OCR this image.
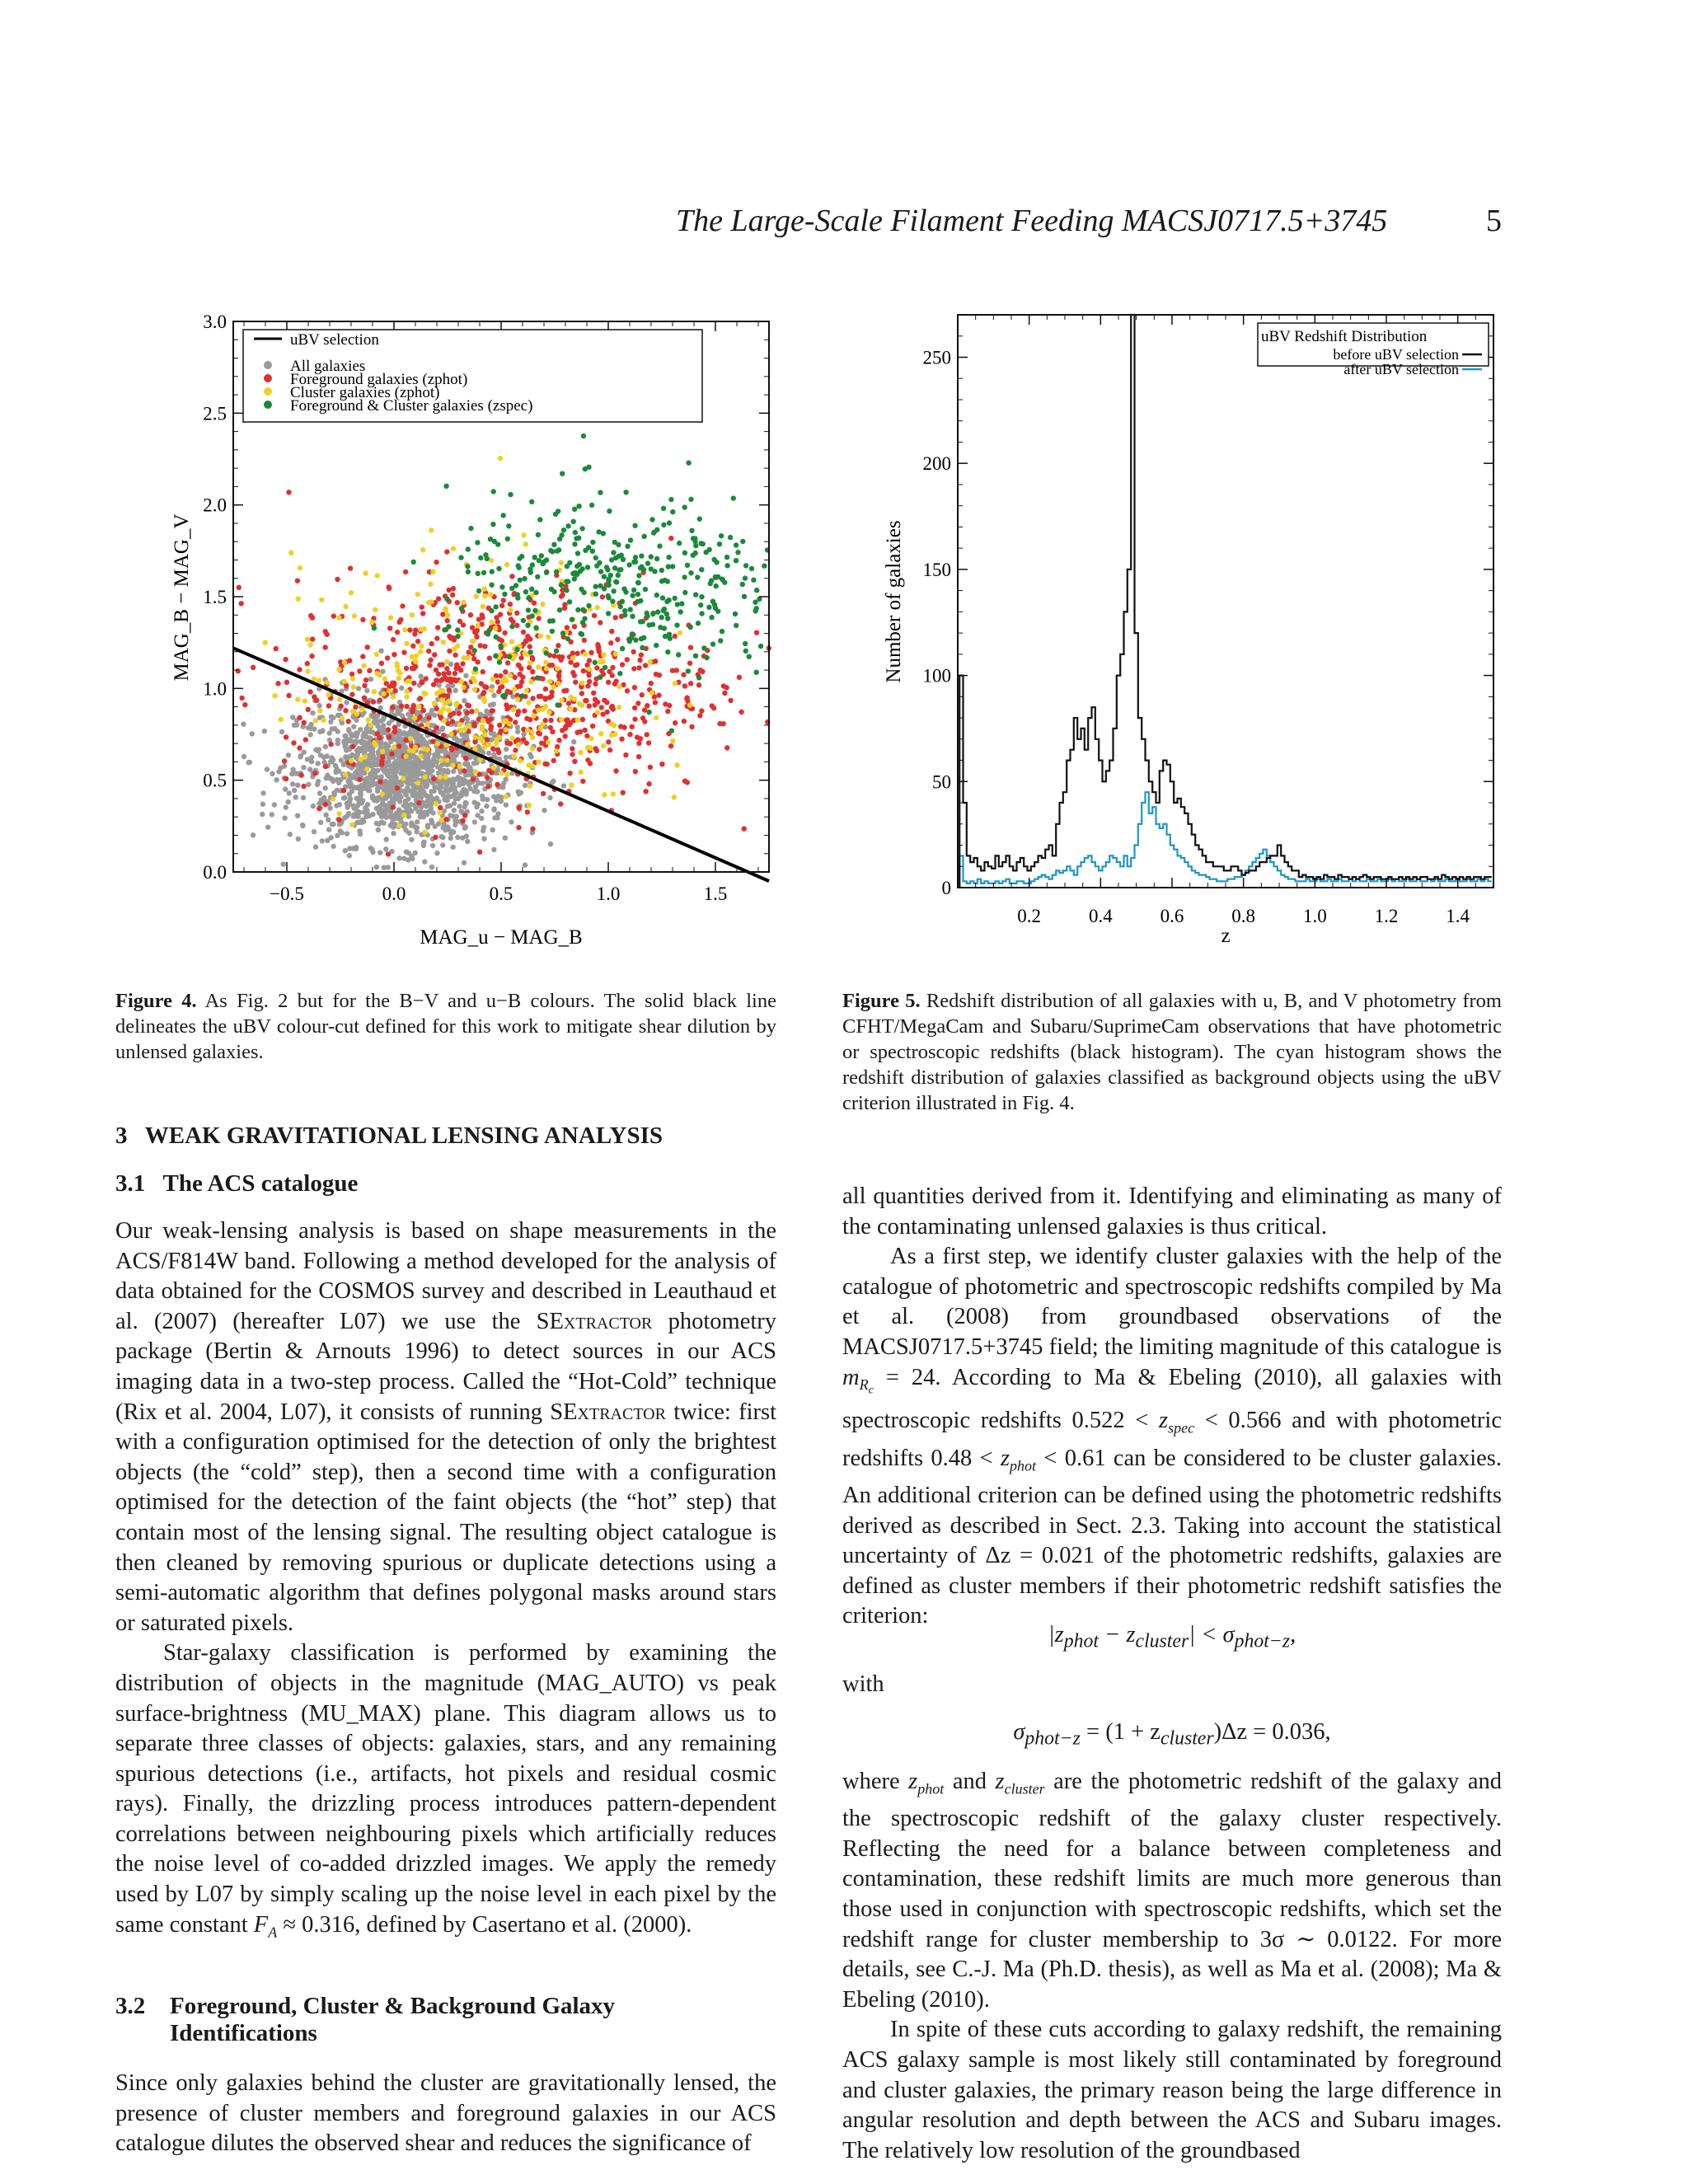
The Large-Scale Filament Feeding MACSJ0717.5+3745	5
−0.5	0.0	0.5	1.0	1.5
0.0
0.5
1.0
1.5
2.0
2.5
3.0
uBV selection
All galaxies
Foreground galaxies (zphot)
Cluster galaxies (zphot)
Foreground & Cluster galaxies (zspec)
MAG_u − MAG_B
MAG_B − MAG_V
0.2	0.4	0.6	0.8	1.0	1.2	1.4
0
50
100
150
200
250
uBV Redshift Distribution
before uBV selection
after uBV selection
z
Number of galaxies
Figure 4. As Fig. 2 but for the B−V and u−B colours. The solid black line delineates the uBV colour-cut defined for this work to mitigate shear dilution by unlensed galaxies.
Figure 5. Redshift distribution of all galaxies with u, B, and V photometry from CFHT/MegaCam and Subaru/SuprimeCam observations that have photometric or spectroscopic redshifts (black histogram). The cyan histogram shows the redshift distribution of galaxies classified as background objects using the uBV criterion illustrated in Fig. 4.
3   WEAK GRAVITATIONAL LENSING ANALYSIS
3.1   The ACS catalogue

Our weak-lensing analysis is based on shape measurements in the ACS/F814W band. Following a method developed for the analysis of data obtained for the COSMOS survey and described in Leauthaud et al. (2007) (hereafter L07) we use the SExtractor photometry package (Bertin & Arnouts 1996) to detect sources in our ACS imaging data in a two-step process. Called the “Hot-Cold” technique (Rix et al. 2004, L07), it consists of running SExtractor twice: first with a configuration optimised for the detection of only the brightest objects (the “cold” step), then a second time with a configuration optimised for the detection of the faint objects (the “hot” step) that contain most of the lensing signal. The resulting object catalogue is then cleaned by removing spurious or duplicate detections using a semi-automatic algorithm that defines polygonal masks around stars or saturated pixels.

Star-galaxy classification is performed by examining the distribution of objects in the magnitude (MAG_AUTO) vs peak surface-brightness (MU_MAX) plane. This diagram allows us to separate three classes of objects: galaxies, stars, and any remaining spurious detections (i.e., artifacts, hot pixels and residual cosmic rays). Finally, the drizzling process introduces pattern-dependent correlations between neighbouring pixels which artificially reduces the noise level of co-added drizzled images. We apply the remedy used by L07 by simply scaling up the noise level in each pixel by the same constant $F_A \approx 0.316$, defined by Casertano et al. (2000).

3.2	Foreground, Cluster & Background Galaxy
Identifications

Since only galaxies behind the cluster are gravitationally lensed, the presence of cluster members and foreground galaxies in our ACS catalogue dilutes the observed shear and reduces the significance of

all quantities derived from it. Identifying and eliminating as many of the contaminating unlensed galaxies is thus critical.

As a first step, we identify cluster galaxies with the help of the catalogue of photometric and spectroscopic redshifts compiled by Ma et al. (2008) from groundbased observations of the MACSJ0717.5+3745 field; the limiting magnitude of this catalogue is $m_{R_c} = 24$. According to Ma & Ebeling (2010), all galaxies with spectroscopic redshifts $0.522 < z_{spec} < 0.566$ and with photometric redshifts $0.48 < z_{phot} < 0.61$ can be considered to be cluster galaxies. An additional criterion can be defined using the photometric redshifts derived as described in Sect. 2.3. Taking into account the statistical uncertainty of Δz = 0.021 of the photometric redshifts, galaxies are defined as cluster members if their photometric redshift satisfies the criterion:

$|z_{phot} - z_{cluster}| < \sigma_{phot-z}$,
with
$\sigma_{phot-z} = (1 + z_{cluster})\Delta z = 0.036$,

where $z_{phot}$ and $z_{cluster}$ are the photometric redshift of the galaxy and the spectroscopic redshift of the galaxy cluster respectively. Reflecting the need for a balance between completeness and contamination, these redshift limits are much more generous than those used in conjunction with spectroscopic redshifts, which set the redshift range for cluster membership to 3σ ∼ 0.0122. For more details, see C.-J. Ma (Ph.D. thesis), as well as Ma et al. (2008); Ma & Ebeling (2010).

In spite of these cuts according to galaxy redshift, the remaining ACS galaxy sample is most likely still contaminated by foreground and cluster galaxies, the primary reason being the large difference in angular resolution and depth between the ACS and Subaru images. The relatively low resolution of the groundbased
